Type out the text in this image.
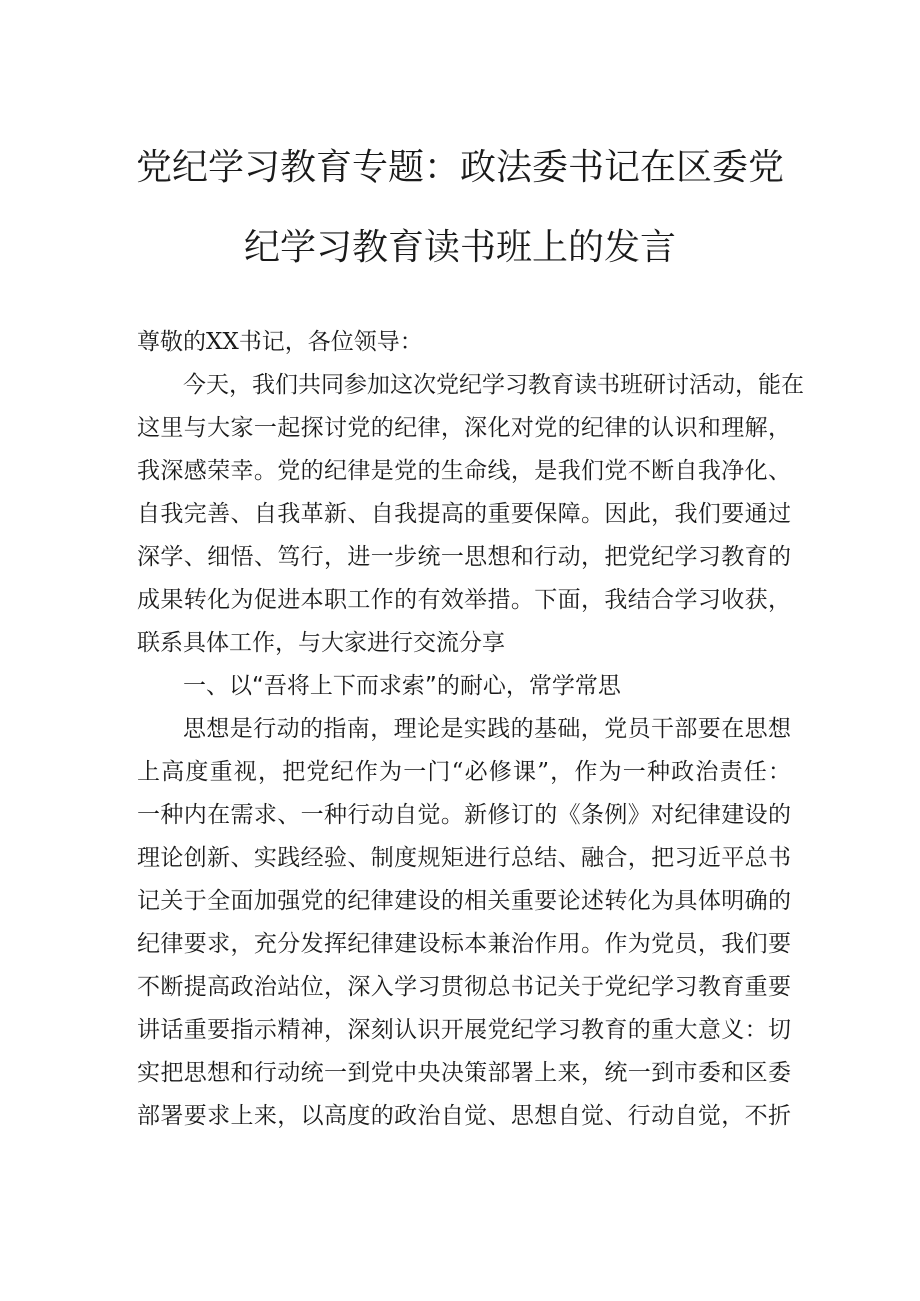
党纪学习教育专题：政法委书记在区委党
纪学习教育读书班上的发言
尊敬的XX书记，各位领导：
今天，我们共同参加这次党纪学习教育读书班研讨活动，能在
这里与大家一起探讨党的纪律，深化对党的纪律的认识和理解，
我深感荣幸。党的纪律是党的生命线，是我们党不断自我净化、
自我完善、自我革新、自我提高的重要保障。因此，我们要通过
深学、细悟、笃行，进一步统一思想和行动，把党纪学习教育的
成果转化为促进本职工作的有效举措。下面，我结合学习收获，
联系具体工作，与大家进行交流分享
一、以“吾将上下而求索”的耐心，常学常思
思想是行动的指南，理论是实践的基础，党员干部要在思想
上高度重视，把党纪作为一门“必修课”，作为一种政治责任：
一种内在需求、一种行动自觉。新修订的《条例》对纪律建设的
理论创新、实践经验、制度规矩进行总结、融合，把习近平总书
记关于全面加强党的纪律建设的相关重要论述转化为具体明确的
纪律要求，充分发挥纪律建设标本兼治作用。作为党员，我们要
不断提高政治站位，深入学习贯彻总书记关于党纪学习教育重要
讲话重要指示精神，深刻认识开展党纪学习教育的重大意义：切
实把思想和行动统一到党中央决策部署上来，统一到市委和区委
部署要求上来，以高度的政治自觉、思想自觉、行动自觉，不折
